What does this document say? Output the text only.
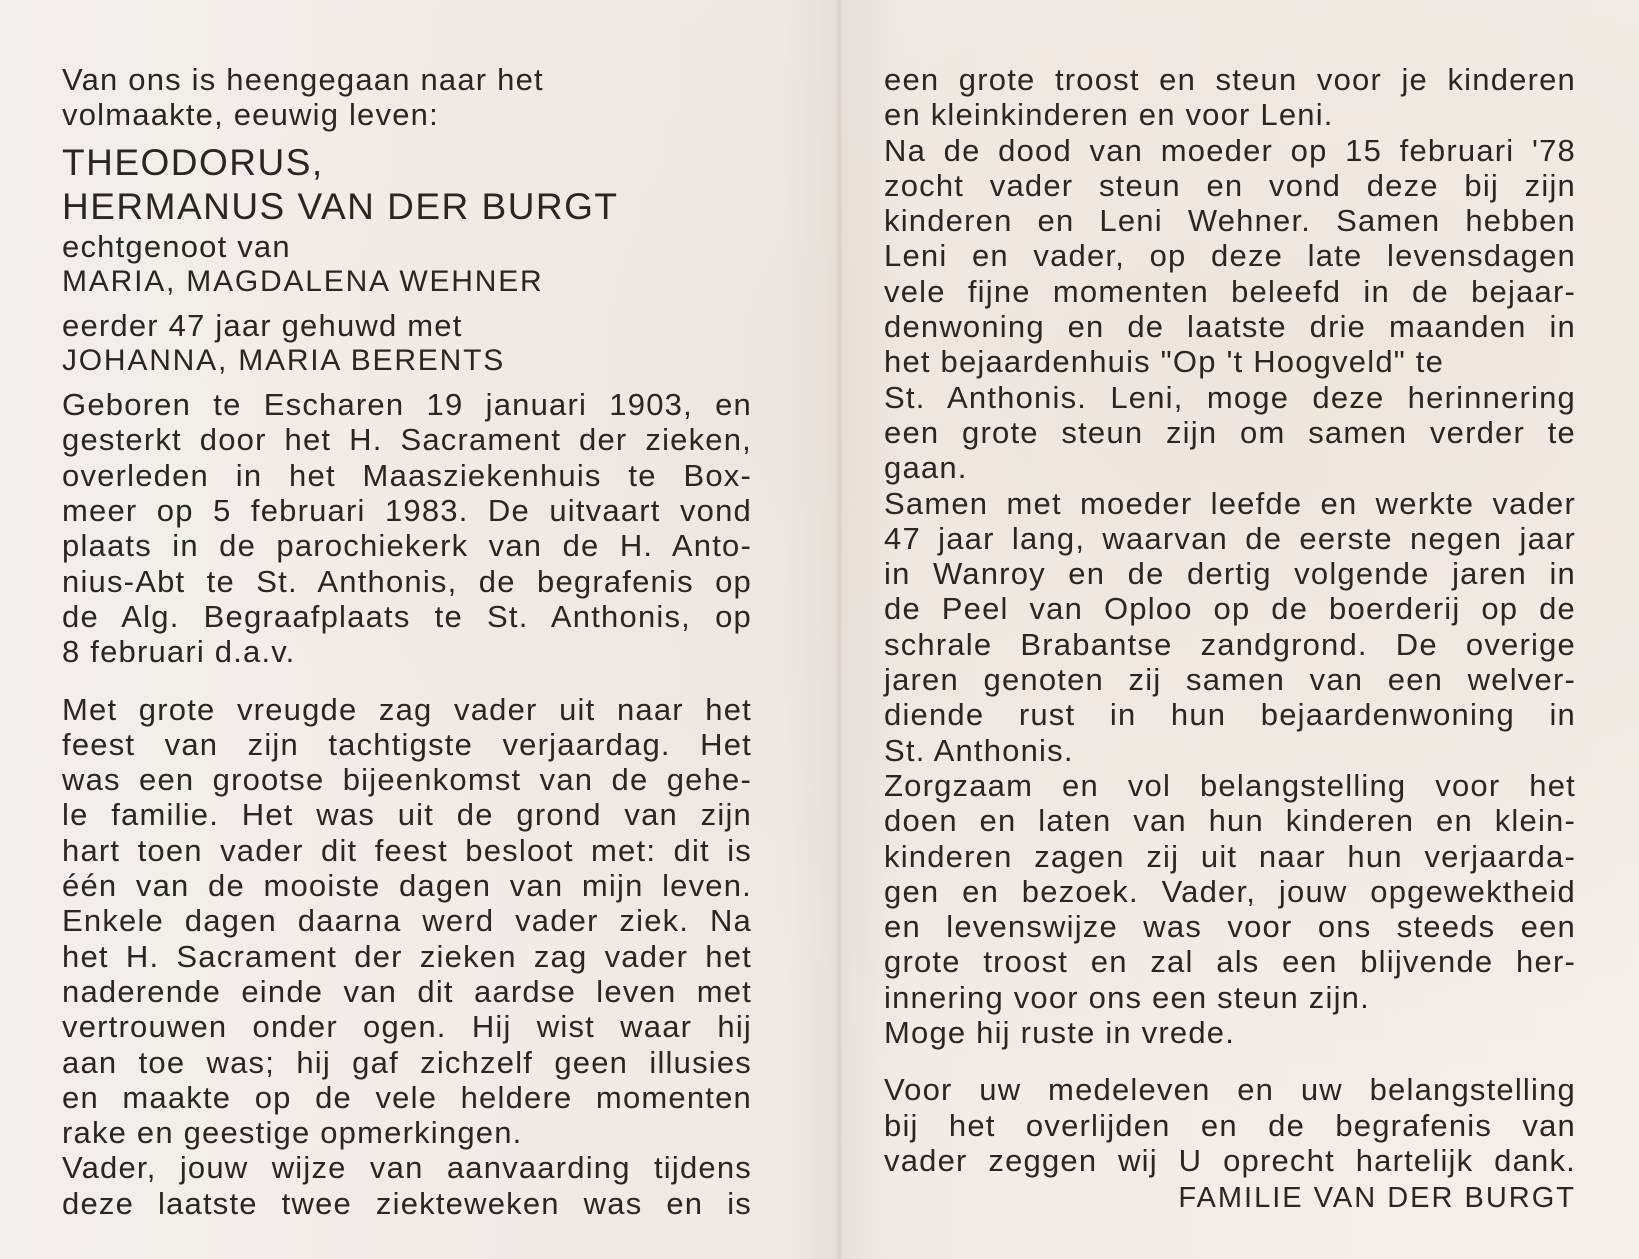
Van ons is heengegaan naar het
volmaakte, eeuwig leven:

THEODORUS,
HERMANUS VAN DER BURGT

echtgenoot van
MARIA, MAGDALENA WEHNER
eerder 47 jaar gehuwd met
JOHANNA, MARIA BERENTS

Geboren te Escharen 19 januari 1903, en
gesterkt door het H. Sacrament der zieken,
overleden in het Maasziekenhuis te Box-
meer op 5 februari 1983. De uitvaart vond
plaats in de parochiekerk van de H. Anto-
nius-Abt te St. Anthonis, de begrafenis op
de Alg. Begraafplaats te St. Anthonis, op
8 februari d.a.v.

Met grote vreugde zag vader uit naar het
feest van zijn tachtigste verjaardag. Het
was een grootse bijeenkomst van de gehe-
le familie. Het was uit de grond van zijn
hart toen vader dit feest besloot met: dit is
één van de mooiste dagen van mijn leven.
Enkele dagen daarna werd vader ziek. Na
het H. Sacrament der zieken zag vader het
naderende einde van dit aardse leven met
vertrouwen onder ogen. Hij wist waar hij
aan toe was; hij gaf zichzelf geen illusies
en maakte op de vele heldere momenten
rake en geestige opmerkingen.
Vader, jouw wijze van aanvaarding tijdens
deze laatste twee ziekteweken was en is

een grote troost en steun voor je kinderen
en kleinkinderen en voor Leni.
Na de dood van moeder op 15 februari '78
zocht vader steun en vond deze bij zijn
kinderen en Leni Wehner. Samen hebben
Leni en vader, op deze late levensdagen
vele fijne momenten beleefd in de bejaar-
denwoning en de laatste drie maanden in
het bejaardenhuis "Op 't Hoogveld" te
St. Anthonis. Leni, moge deze herinnering
een grote steun zijn om samen verder te
gaan.
Samen met moeder leefde en werkte vader
47 jaar lang, waarvan de eerste negen jaar
in Wanroy en de dertig volgende jaren in
de Peel van Oploo op de boerderij op de
schrale Brabantse zandgrond. De overige
jaren genoten zij samen van een welver-
diende rust in hun bejaardenwoning in
St. Anthonis.
Zorgzaam en vol belangstelling voor het
doen en laten van hun kinderen en klein-
kinderen zagen zij uit naar hun verjaarda-
gen en bezoek. Vader, jouw opgewektheid
en levenswijze was voor ons steeds een
grote troost en zal als een blijvende her-
innering voor ons een steun zijn.
Moge hij ruste in vrede.

Voor uw medeleven en uw belangstelling
bij het overlijden en de begrafenis van
vader zeggen wij U oprecht hartelijk dank.

FAMILIE VAN DER BURGT
